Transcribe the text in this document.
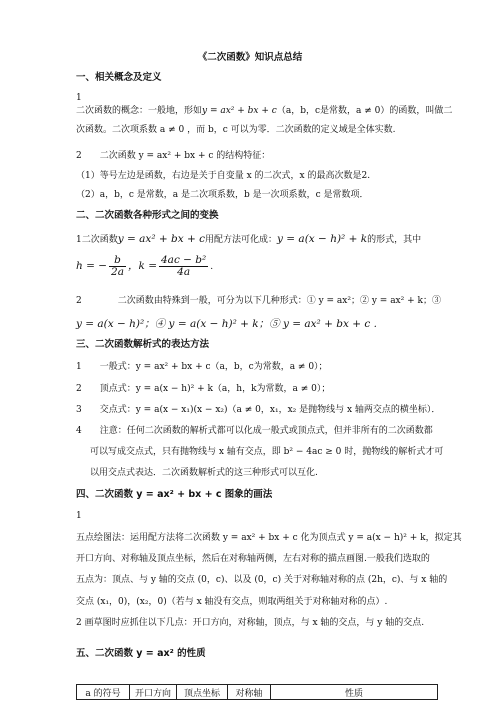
《二次函数》知识点总结
一、相关概念及定义
1
二次函数的概念：一般地，形如y = ax² + bx + c（a，b，c是常数，a ≠ 0）的函数，叫做二
次函数。二次项系数 a ≠ 0 ，而 b，c 可以为零．二次函数的定义域是全体实数.
2　　二次函数 y = ax² + bx + c 的结构特征：
（1）等号左边是函数，右边是关于自变量 x 的二次式，x 的最高次数是2.
（2）a，b，c 是常数，a 是二次项系数，b 是一次项系数，c 是常数项．
二、二次函数各种形式之间的变换
1二次函数y = ax² + bx + c用配方法可化成：y = a(x − h)² + k的形式，其中
h = − $\frac{b}{2a}$ ，$k = \frac{\text{4ac − b²}}{4a}$ .
2　　　　二次函数由特殊到一般，可分为以下几种形式：① y = ax²；② y = ax² + k；③
y = a(x − h)²；④ y = a(x − h)² + k；⑤ y = ax² + bx + c .
三、二次函数解析式的表达方法
1　　一般式：y = ax² + bx + c（a，b，c为常数，a ≠ 0）；
2　　顶点式：y = a(x − h)² + k（a，h，k为常数，a ≠ 0）；
3　　交点式：y = a(x − x₁)(x − x₂)（a ≠ 0，x₁，x₂ 是抛物线与 x 轴两交点的横坐标）．
4　　注意：任何二次函数的解析式都可以化成一般式或顶点式，但并非所有的二次函数都
可以写成交点式，只有抛物线与 x 轴有交点，即 b² − 4ac ≥ 0 时，抛物线的解析式才可
以用交点式表达．二次函数解析式的这三种形式可以互化.
四、二次函数 y = ax² + bx + c 图象的画法
1
五点绘图法：运用配方法将二次函数 y = ax² + bx + c 化为顶点式 y = a(x − h)² + k，拟定其
开口方向、对称轴及顶点坐标，然后在对称轴两侧，左右对称的描点画图.一般我们选取的
五点为：顶点、与 y 轴的交点 (0，c)、以及 (0，c) 关于对称轴对称的点 (2h，c)、与 x 轴的
交点 (x₁，0)，(x₂，0)（若与 x 轴没有交点，则取两组关于对称轴对称的点）.
2 画草图时应抓住以下几点：开口方向，对称轴，顶点，与 x 轴的交点，与 y 轴的交点.
五、二次函数 y = ax² 的性质
a 的符号	开口方向	顶点坐标	对称轴	性质
